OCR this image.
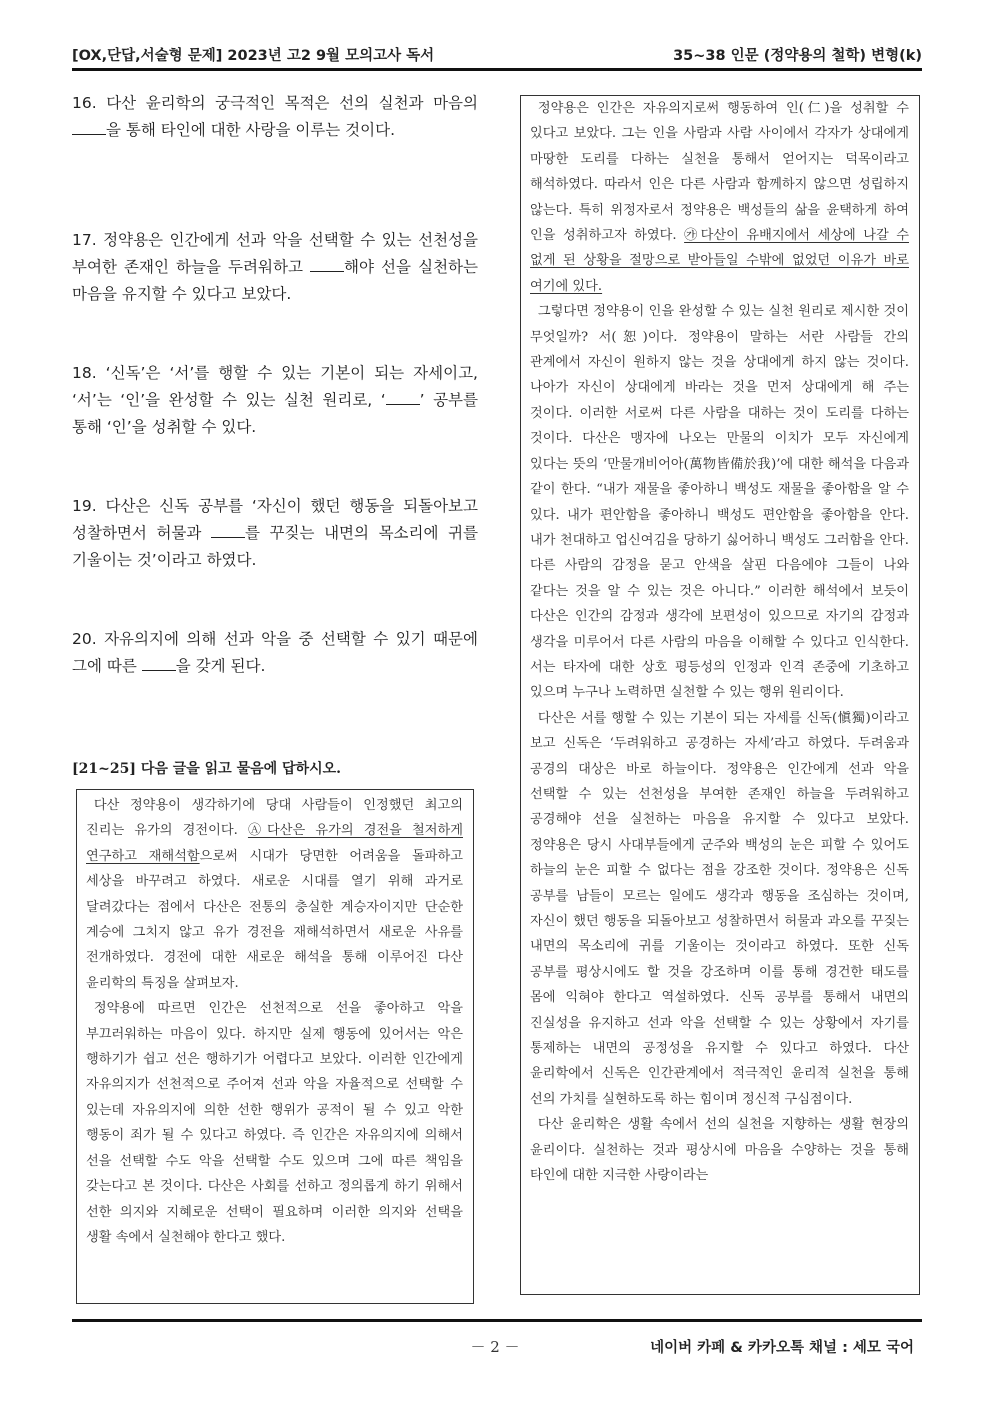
[OX,단답,서술형 문제] 2023년 고2 9월 모의고사 독서	35~38 인문 (정약용의 철학) 변형(k)
16. 다산 윤리학의 궁극적인 목적은 선의 실천과 마음의 을 통해 타인에 대한 사랑을 이루는 것이다.
17. 정약용은 인간에게 선과 악을 선택할 수 있는 선천성을 부여한 존재인 하늘을 두려워하고 해야 선을 실천하는 마음을 유지할 수 있다고 보았다.
18. ‘신독’은 ‘서’를 행할 수 있는 기본이 되는 자세이고, ‘서’는 ‘인’을 완성할 수 있는 실천 원리로, ‘ ’ 공부를 통해 ‘인’을 성취할 수 있다.
19. 다산은 신독 공부를 ‘자신이 했던 행동을 되돌아보고 성찰하면서 허물과 를 꾸짖는 내면의 목소리에 귀를 기울이는 것’이라고 하였다.
20. 자유의지에 의해 선과 악을 중 선택할 수 있기 때문에 그에 따른 을 갖게 된다.
[21~25] 다음 글을 읽고 물음에 답하시오.

다산 정약용이 생각하기에 당대 사람들이 인정했던 최고의 진리는 유가의 경전이다. Ⓐ다산은 유가의 경전을 철저하게 연구하고 재해석함으로써 시대가 당면한 어려움을 돌파하고 세상을 바꾸려고 하였다. 새로운 시대를 열기 위해 과거로 달려갔다는 점에서 다산은 전통의 충실한 계승자이지만 단순한 계승에 그치지 않고 유가 경전을 재해석하면서 새로운 사유를 전개하였다. 경전에 대한 새로운 해석을 통해 이루어진 다산 윤리학의 특징을 살펴보자.

정약용에 따르면 인간은 선천적으로 선을 좋아하고 악을 부끄러워하는 마음이 있다. 하지만 실제 행동에 있어서는 악은 행하기가 쉽고 선은 행하기가 어렵다고 보았다. 이러한 인간에게 자유의지가 선천적으로 주어져 선과 악을 자율적으로 선택할 수 있는데 자유의지에 의한 선한 행위가 공적이 될 수 있고 악한 행동이 죄가 될 수 있다고 하였다. 즉 인간은 자유의지에 의해서 선을 선택할 수도 악을 선택할 수도 있으며 그에 따른 책임을 갖는다고 본 것이다. 다산은 사회를 선하고 정의롭게 하기 위해서 선한 의지와 지혜로운 선택이 필요하며 이러한 의지와 선택을 생활 속에서 실천해야 한다고 했다.

정약용은 인간은 자유의지로써 행동하여 인(仁)을 성취할 수 있다고 보았다. 그는 인을 사람과 사람 사이에서 각자가 상대에게 마땅한 도리를 다하는 실천을 통해서 얻어지는 덕목이라고 해석하였다. 따라서 인은 다른 사람과 함께하지 않으면 성립하지 않는다. 특히 위정자로서 정약용은 백성들의 삶을 윤택하게 하여 인을 성취하고자 하였다. ㉮다산이 유배지에서 세상에 나갈 수 없게 된 상황을 절망으로 받아들일 수밖에 없었던 이유가 바로 여기에 있다.

그렇다면 정약용이 인을 완성할 수 있는 실천 원리로 제시한 것이 무엇일까? 서(恕)이다. 정약용이 말하는 서란 사람들 간의 관계에서 자신이 원하지 않는 것을 상대에게 하지 않는 것이다. 나아가 자신이 상대에게 바라는 것을 먼저 상대에게 해 주는 것이다. 이러한 서로써 다른 사람을 대하는 것이 도리를 다하는 것이다. 다산은 맹자에 나오는 만물의 이치가 모두 자신에게 있다는 뜻의 ‘만물개비어아(萬物皆備於我)’에 대한 해석을 다음과 같이 한다. “내가 재물을 좋아하니 백성도 재물을 좋아함을 알 수 있다. 내가 편안함을 좋아하니 백성도 편안함을 좋아함을 안다. 내가 천대하고 업신여김을 당하기 싫어하니 백성도 그러함을 안다. 다른 사람의 감정을 묻고 안색을 살핀 다음에야 그들이 나와 같다는 것을 알 수 있는 것은 아니다.” 이러한 해석에서 보듯이 다산은 인간의 감정과 생각에 보편성이 있으므로 자기의 감정과 생각을 미루어서 다른 사람의 마음을 이해할 수 있다고 인식한다. 서는 타자에 대한 상호 평등성의 인정과 인격 존중에 기초하고 있으며 누구나 노력하면 실천할 수 있는 행위 원리이다.

다산은 서를 행할 수 있는 기본이 되는 자세를 신독(愼獨)이라고 보고 신독은 ‘두려워하고 공경하는 자세’라고 하였다. 두려움과 공경의 대상은 바로 하늘이다. 정약용은 인간에게 선과 악을 선택할 수 있는 선천성을 부여한 존재인 하늘을 두려워하고 공경해야 선을 실천하는 마음을 유지할 수 있다고 보았다. 정약용은 당시 사대부들에게 군주와 백성의 눈은 피할 수 있어도 하늘의 눈은 피할 수 없다는 점을 강조한 것이다. 정약용은 신독 공부를 남들이 모르는 일에도 생각과 행동을 조심하는 것이며, 자신이 했던 행동을 되돌아보고 성찰하면서 허물과 과오를 꾸짖는 내면의 목소리에 귀를 기울이는 것이라고 하였다. 또한 신독 공부를 평상시에도 할 것을 강조하며 이를 통해 경건한 태도를 몸에 익혀야 한다고 역설하였다. 신독 공부를 통해서 내면의 진실성을 유지하고 선과 악을 선택할 수 있는 상황에서 자기를 통제하는 내면의 공정성을 유지할 수 있다고 하였다. 다산 윤리학에서 신독은 인간관계에서 적극적인 윤리적 실천을 통해 선의 가치를 실현하도록 하는 힘이며 정신적 구심점이다.

다산 윤리학은 생활 속에서 선의 실천을 지향하는 생활 현장의 윤리이다. 실천하는 것과 평상시에 마음을 수양하는 것을 통해 타인에 대한 지극한 사랑이라는

－ 2 －	네이버 카페 & 카카오톡 채널 : 세모 국어
